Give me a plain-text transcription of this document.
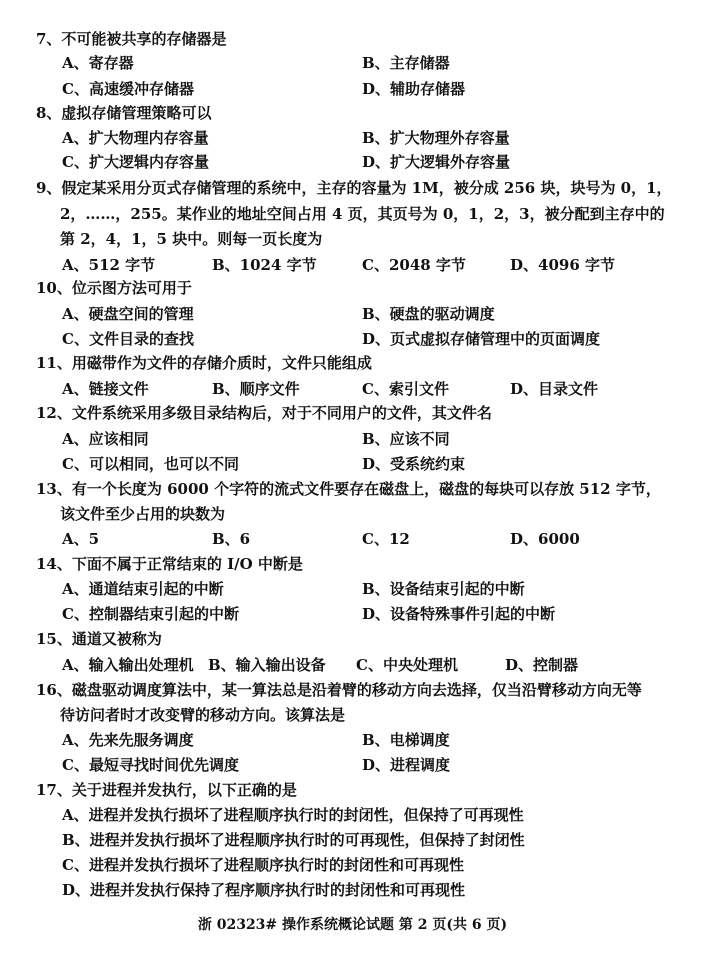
7、不可能被共享的存储器是
A、寄存器	B、主存储器
C、高速缓冲存储器	D、辅助存储器
8、虚拟存储管理策略可以
A、扩大物理内存容量	B、扩大物理外存容量
C、扩大逻辑内存容量	D、扩大逻辑外存容量
9、假定某采用分页式存储管理的系统中，主存的容量为 1M，被分成 256 块，块号为 0，1，
2，……，255。某作业的地址空间占用 4 页，其页号为 0，1，2，3，被分配到主存中的
第 2，4，1，5 块中。则每一页长度为
A、512 字节	B、1024 字节	C、2048 字节	D、4096 字节
10、位示图方法可用于
A、硬盘空间的管理	B、硬盘的驱动调度
C、文件目录的查找	D、页式虚拟存储管理中的页面调度
11、用磁带作为文件的存储介质时，文件只能组成
A、链接文件	B、顺序文件	C、索引文件	D、目录文件
12、文件系统采用多级目录结构后，对于不同用户的文件，其文件名
A、应该相同	B、应该不同
C、可以相同，也可以不同	D、受系统约束
13、有一个长度为 6000 个字符的流式文件要存在磁盘上，磁盘的每块可以存放 512 字节，
该文件至少占用的块数为
A、5	B、6	C、12	D、6000
14、下面不属于正常结束的 I/O 中断是
A、通道结束引起的中断	B、设备结束引起的中断
C、控制器结束引起的中断	D、设备特殊事件引起的中断
15、通道又被称为
A、输入输出处理机 B、输入输出设备 C、中央处理机	D、控制器
16、磁盘驱动调度算法中，某一算法总是沿着臂的移动方向去选择，仅当沿臂移动方向无等
待访问者时才改变臂的移动方向。该算法是
A、先来先服务调度	B、电梯调度
C、最短寻找时间优先调度	D、进程调度
17、关于进程并发执行，以下正确的是
A、进程并发执行损坏了进程顺序执行时的封闭性，但保持了可再现性
B、进程并发执行损坏了进程顺序执行时的可再现性，但保持了封闭性
C、进程并发执行损坏了进程顺序执行时的封闭性和可再现性
D、进程并发执行保持了程序顺序执行时的封闭性和可再现性
浙 02323# 操作系统概论试题 第 2 页(共 6 页)
